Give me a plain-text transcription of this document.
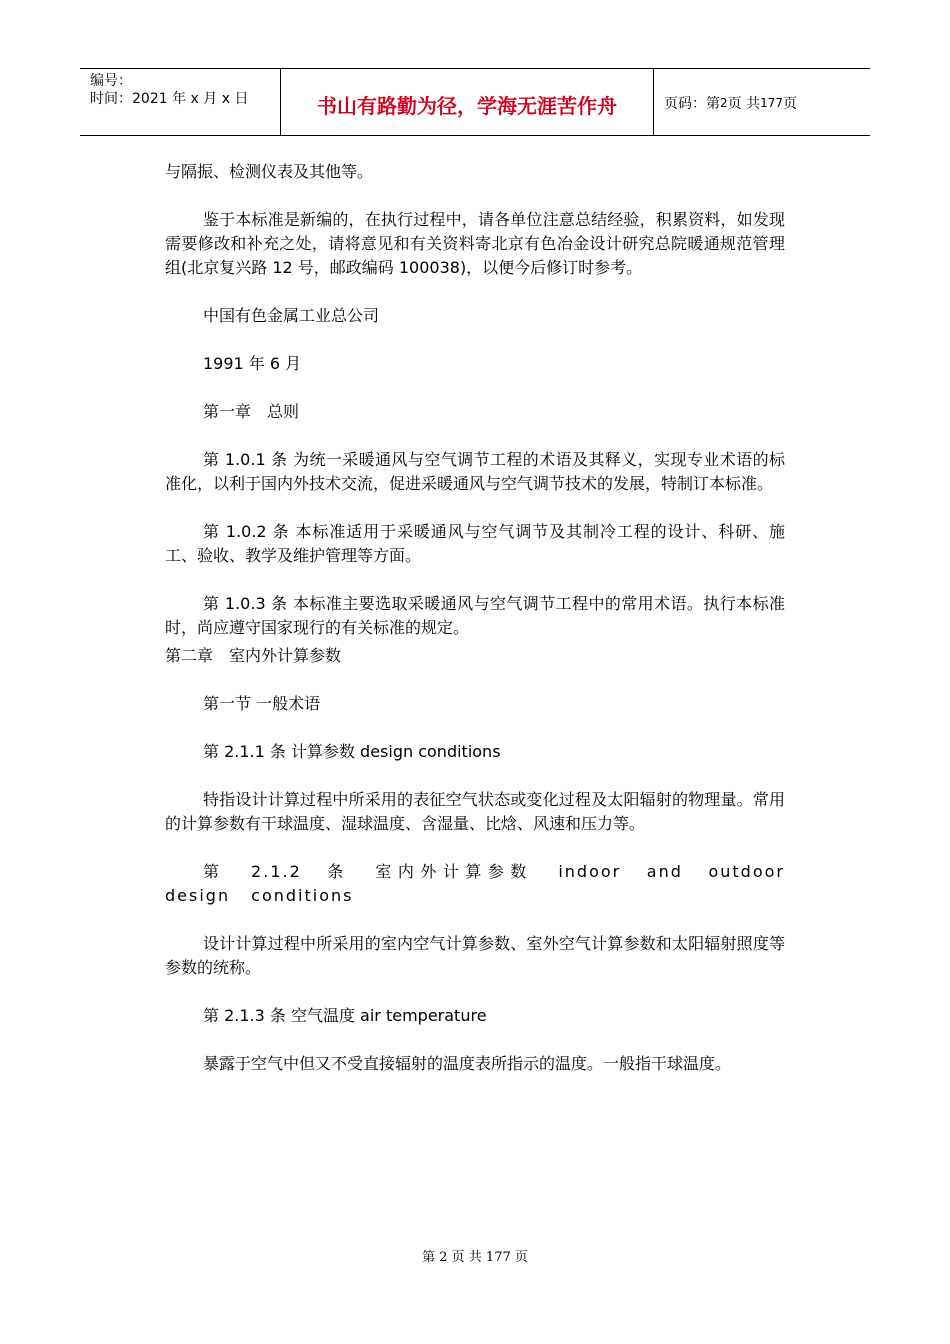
编号：
时间：2021 年 x 月 x 日	书山有路勤为径，学海无涯苦作舟	页码：第 2 页 共 177 页

与隔振、检测仪表及其他等。

鉴于本标准是新编的，在执行过程中，请各单位注意总结经验，积累资料，如发现需要修改和补充之处，请将意见和有关资料寄北京有色冶金设计研究总院暖通规范管理组(北京复兴路 12 号，邮政编码 100038)，以便今后修订时参考。

中国有色金属工业总公司

1991 年 6 月

第一章　总则

第 1.0.1 条 为统一采暖通风与空气调节工程的术语及其释义，实现专业术语的标准化，以利于国内外技术交流，促进采暖通风与空气调节技术的发展，特制订本标准。

第 1.0.2 条 本标准适用于采暖通风与空气调节及其制冷工程的设计、科研、施工、验收、教学及维护管理等方面。

第 1.0.3 条 本标准主要选取采暖通风与空气调节工程中的常用术语。执行本标准时，尚应遵守国家现行的有关标准的规定。

第二章　室内外计算参数

第一节 一般术语

第 2.1.1 条 计算参数 design conditions

特指设计计算过程中所采用的表征空气状态或变化过程及太阳辐射的物理量。常用的计算参数有干球温度、湿球温度、含湿量、比焓、风速和压力等。

第 2.1.2 条 室内外计算参数 indoor and outdoor design conditions

设计计算过程中所采用的室内空气计算参数、室外空气计算参数和太阳辐射照度等参数的统称。

第 2.1.3 条 空气温度 air temperature

暴露于空气中但又不受直接辐射的温度表所指示的温度。一般指干球温度。

第 2 页 共 177 页
